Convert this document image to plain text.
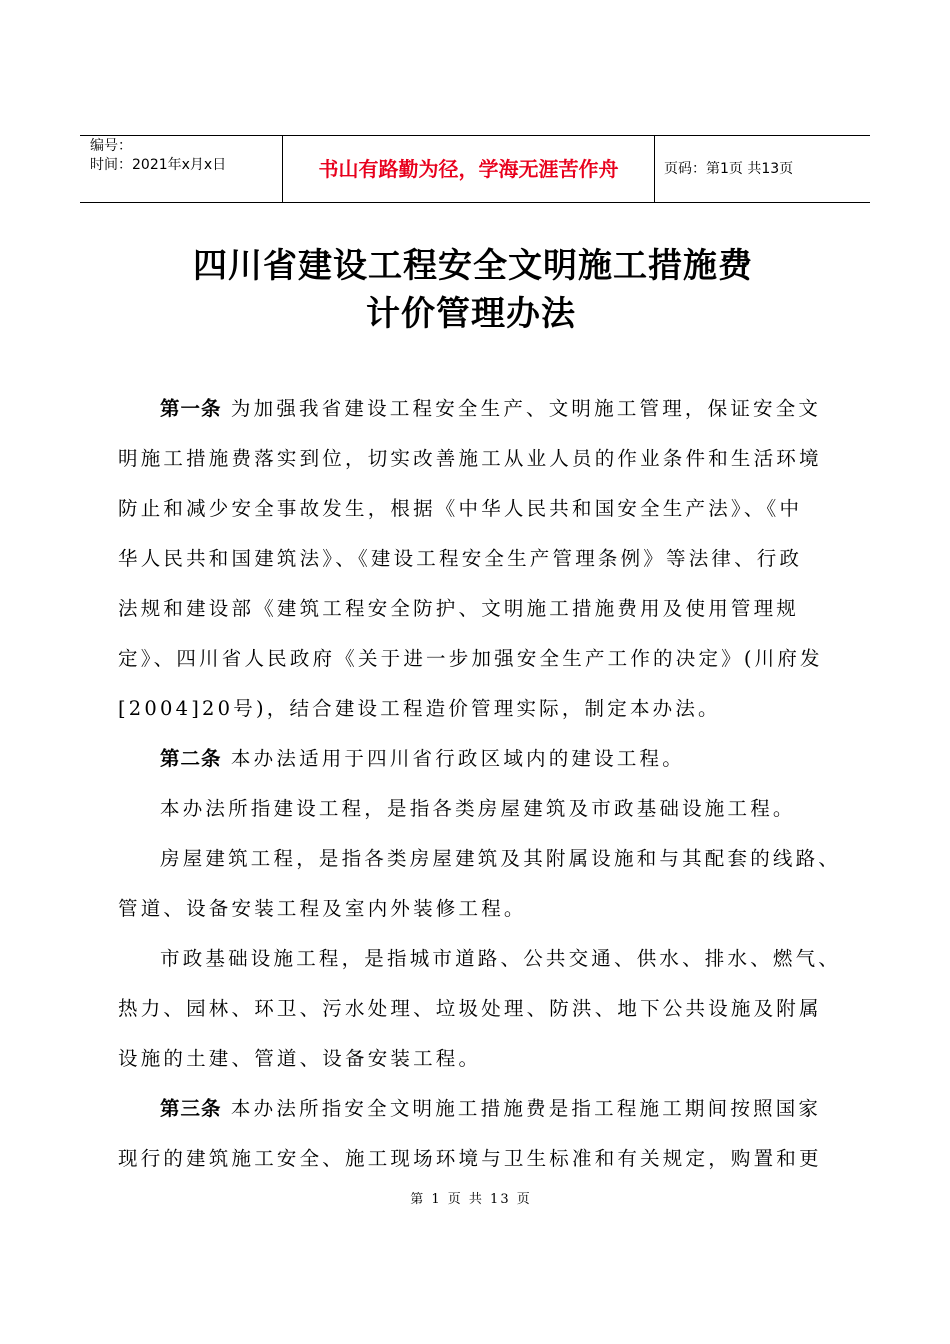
编号：
时间：2021年x月x日	书山有路勤为径，学海无涯苦作舟	页码：第1页 共13页
四川省建设工程安全文明施工措施费
计价管理办法
第一条 为加强我省建设工程安全生产、文明施工管理，保证安全文
明施工措施费落实到位，切实改善施工从业人员的作业条件和生活环境
防止和减少安全事故发生，根据《中华人民共和国安全生产法》、《中
华人民共和国建筑法》、《建设工程安全生产管理条例》等法律、行政
法规和建设部《建筑工程安全防护、文明施工措施费用及使用管理规
定》、四川省人民政府《关于进一步加强安全生产工作的决定》(川府发
[2004]20号)，结合建设工程造价管理实际，制定本办法。
第二条 本办法适用于四川省行政区域内的建设工程。
本办法所指建设工程，是指各类房屋建筑及市政基础设施工程。
房屋建筑工程，是指各类房屋建筑及其附属设施和与其配套的线路、
管道、设备安装工程及室内外装修工程。
市政基础设施工程，是指城市道路、公共交通、供水、排水、燃气、
热力、园林、环卫、污水处理、垃圾处理、防洪、地下公共设施及附属
设施的土建、管道、设备安装工程。
第三条 本办法所指安全文明施工措施费是指工程施工期间按照国家
现行的建筑施工安全、施工现场环境与卫生标准和有关规定，购置和更
第 1 页 共 13 页
